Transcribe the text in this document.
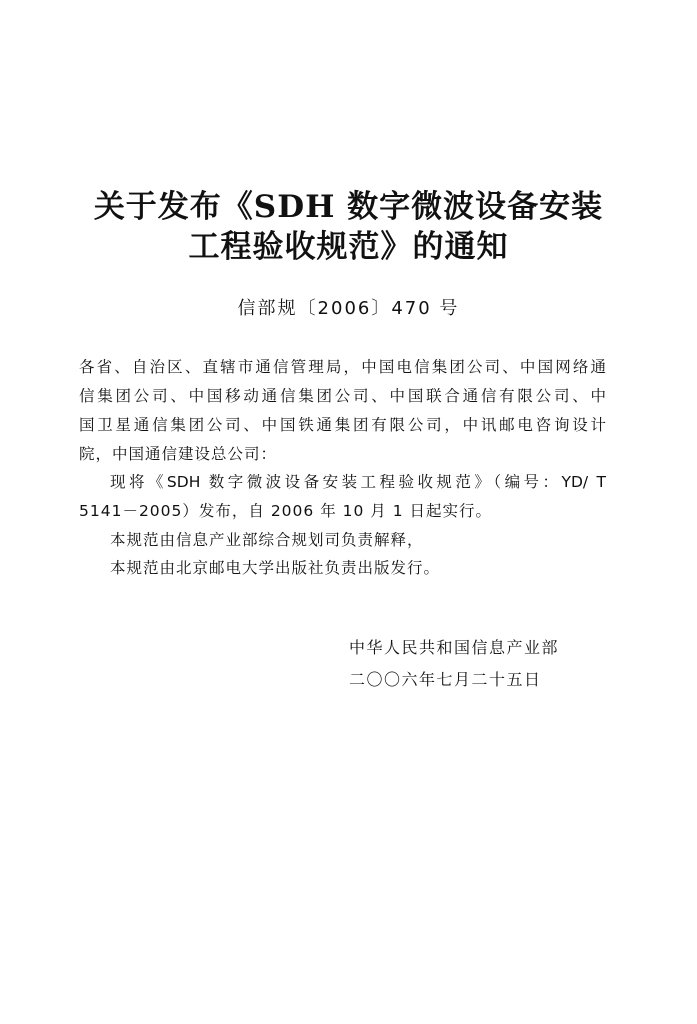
关于发布《SDH 数字微波设备安装
工程验收规范》的通知
信部规〔2006〕470 号
各省、自治区、直辖市通信管理局，中国电信集团公司、中国网络通
信集团公司、中国移动通信集团公司、中国联合通信有限公司、中
国卫星通信集团公司、中国铁通集团有限公司，中讯邮电咨询设计
院，中国通信建设总公司：
现将《SDH 数字微波设备安装工程验收规范》（编号：YD/ T
5141－2005）发布，自 2006 年 10 月 1 日起实行。
本规范由信息产业部综合规划司负责解释，
本规范由北京邮电大学出版社负责出版发行。
中华人民共和国信息产业部
二〇〇六年七月二十五日
